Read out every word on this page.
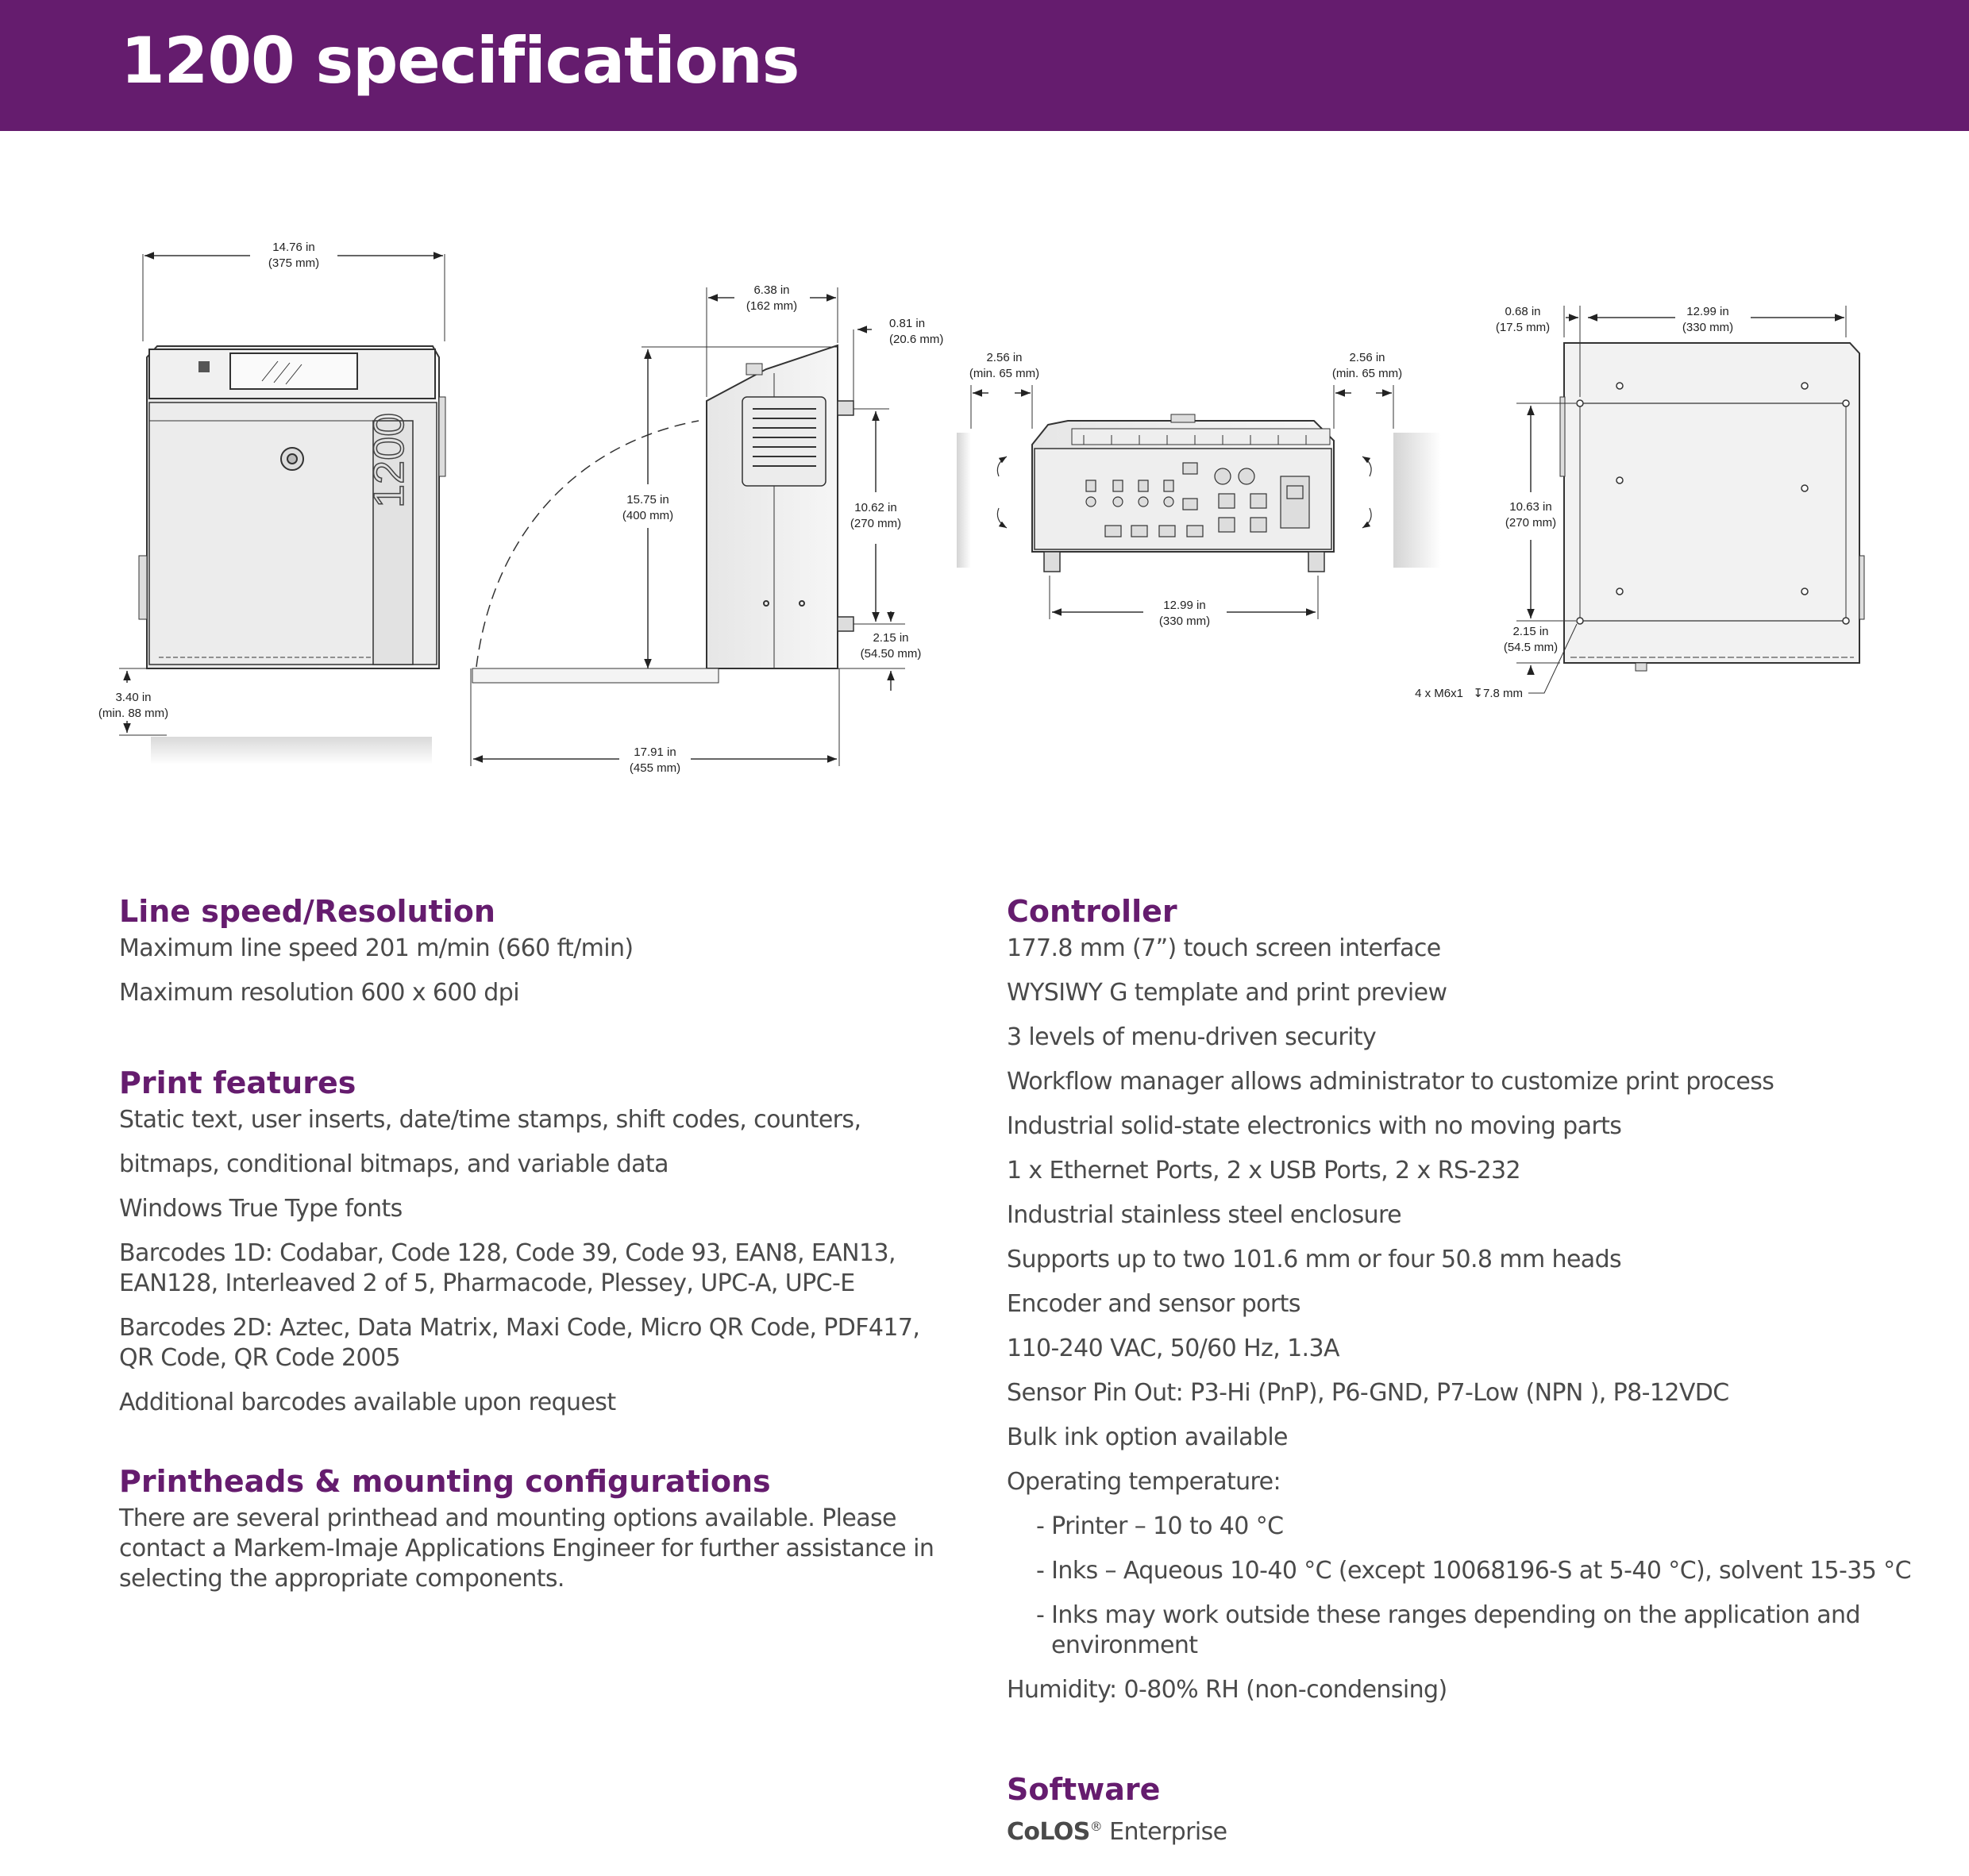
1200 specifications
1200
14.76 in
(375 mm)
3.40 in
(min. 88 mm)
6.38 in
(162 mm)
0.81 in
(20.6 mm)
15.75 in
(400 mm)
10.62 in
(270 mm)
2.15 in
(54.50 mm)
17.91 in
(455 mm)
2.56 in
(min. 65 mm)
2.56 in
(min. 65 mm)
12.99 in
(330 mm)
0.68 in
(17.5 mm)
12.99 in
(330 mm)
10.63 in
(270 mm)
2.15 in
(54.5 mm)
4 x M6x1   ↧7.8 mm
Line speed/Resolution
Maximum line speed 201 m/min (660 ft/min)
Maximum resolution 600 x 600 dpi
Print features
Static text, user inserts, date/time stamps, shift codes, counters,
bitmaps, conditional bitmaps, and variable data
Windows True Type fonts
Barcodes 1D: Codabar, Code 128, Code 39, Code 93, EAN8, EAN13, EAN128, Interleaved 2 of 5, Pharmacode, Plessey, UPC-A, UPC-E
Barcodes 2D: Aztec, Data Matrix, Maxi Code, Micro QR Code, PDF417, QR Code, QR Code 2005
Additional barcodes available upon request
Printheads & mounting configurations
There are several printhead and mounting options available. Please contact a Markem-Imaje Applications Engineer for further assistance in selecting the appropriate components.
Controller
177.8 mm (7”) touch screen interface
WYSIWY G template and print preview
3 levels of menu-driven security
Workflow manager allows administrator to customize print process
Industrial solid-state electronics with no moving parts
1 x Ethernet Ports, 2 x USB Ports, 2 x RS-232
Industrial stainless steel enclosure
Supports up to two 101.6 mm or four 50.8 mm heads
Encoder and sensor ports
110-240 VAC, 50/60 Hz, 1.3A
Sensor Pin Out: P3-Hi (PnP), P6-GND, P7-Low (NPN ), P8-12VDC
Bulk ink option available
Operating temperature:
- Printer – 10 to 40 °C
- Inks – Aqueous 10-40 °C (except 10068196-S at 5-40 °C), solvent 15-35 °C
- Inks may work outside these ranges depending on the application and environment
Humidity: 0-80% RH (non-condensing)
Software
CoLOS® Enterprise
